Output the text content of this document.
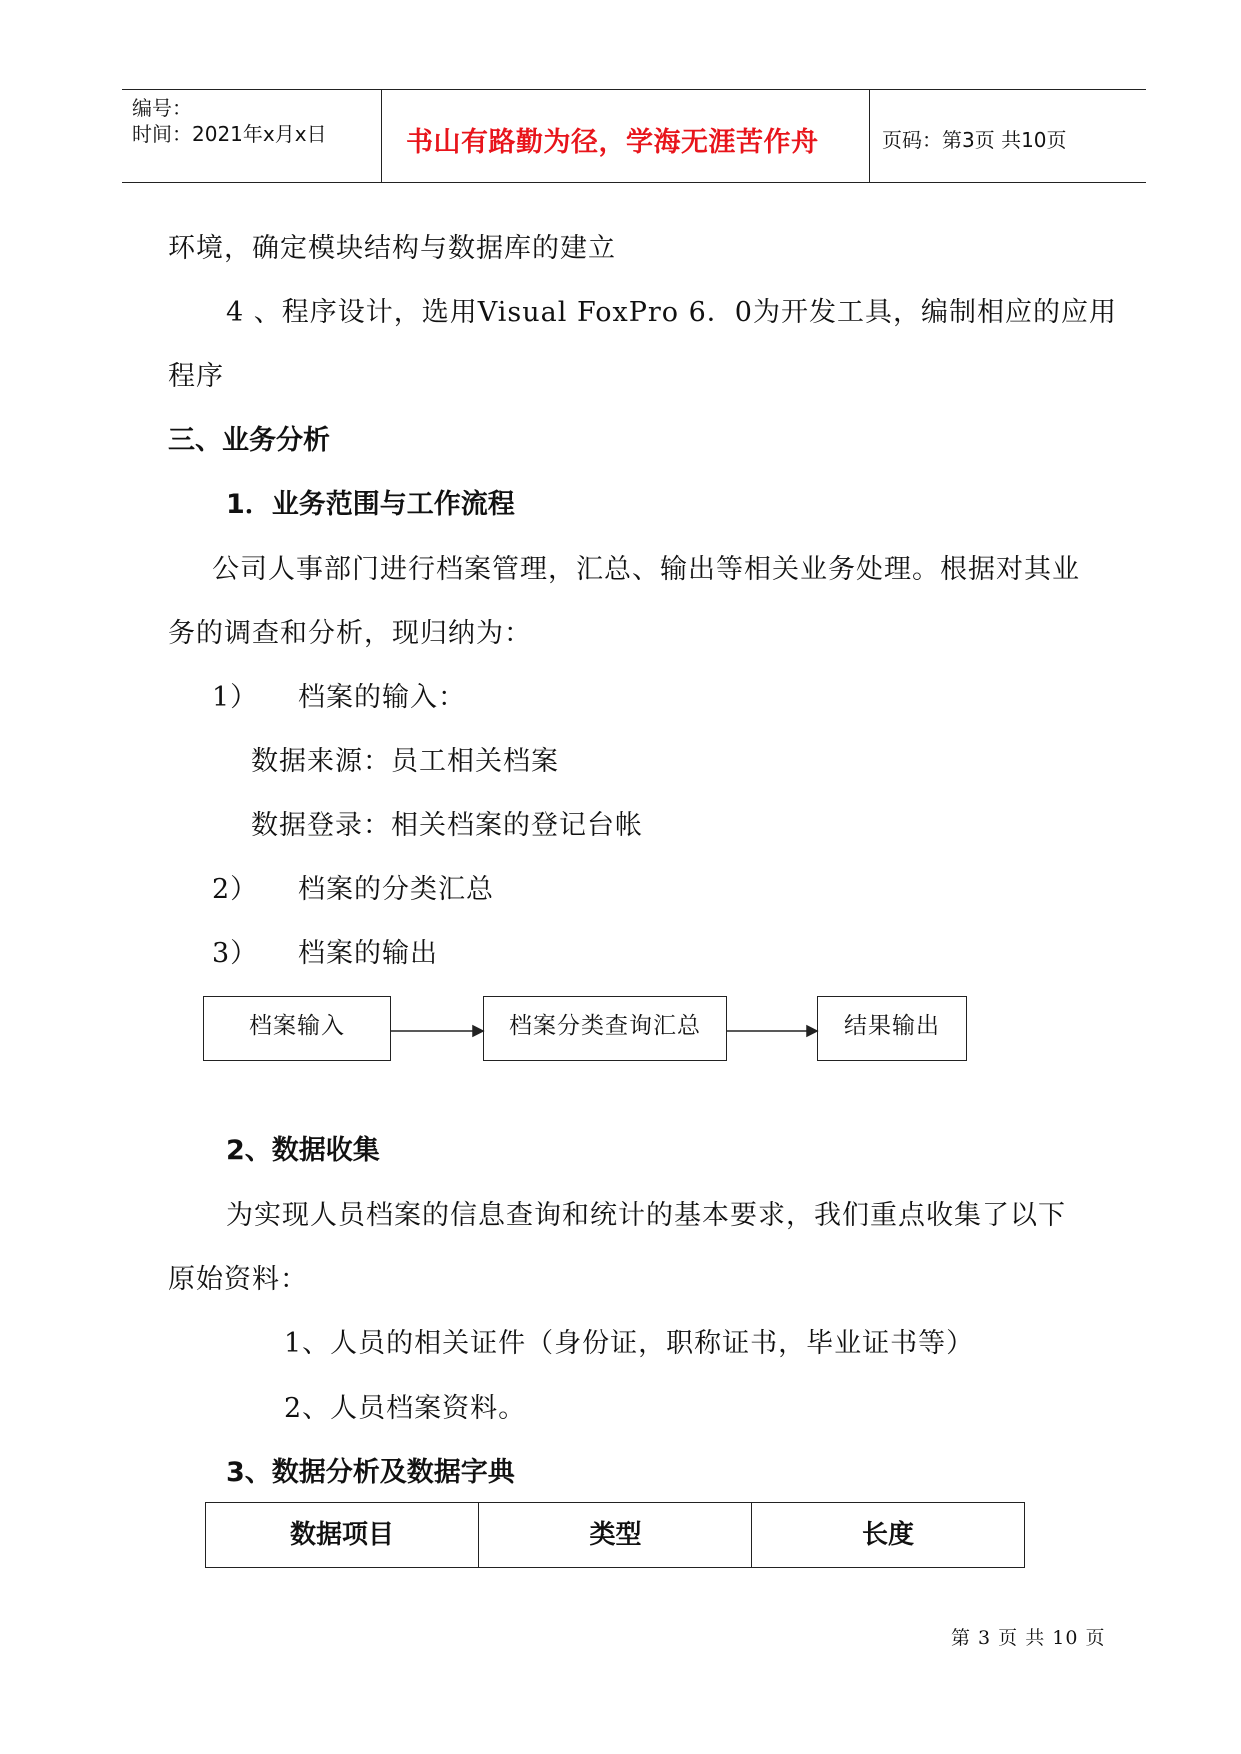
编号：
时间：2021年x月x日	书山有路勤为径，学海无涯苦作舟	页码：第3页 共10页
环境，确定模块结构与数据库的建立
4 、程序设计，选用Visual FoxPro 6．0为开发工具，编制相应的应用
程序
三、业务分析
1．业务范围与工作流程
公司人事部门进行档案管理，汇总、输出等相关业务处理。根据对其业
务的调查和分析，现归纳为：
1） 档案的输入：
数据来源：员工相关档案
数据登录：相关档案的登记台帐
2） 档案的分类汇总
3） 档案的输出
档案输入	档案分类查询汇总	结果输出
2、数据收集
为实现人员档案的信息查询和统计的基本要求，我们重点收集了以下
原始资料：
1、人员的相关证件（身份证，职称证书，毕业证书等）
2、人员档案资料。
3、数据分析及数据字典
数据项目	类型	长度
第 3 页 共 10 页
